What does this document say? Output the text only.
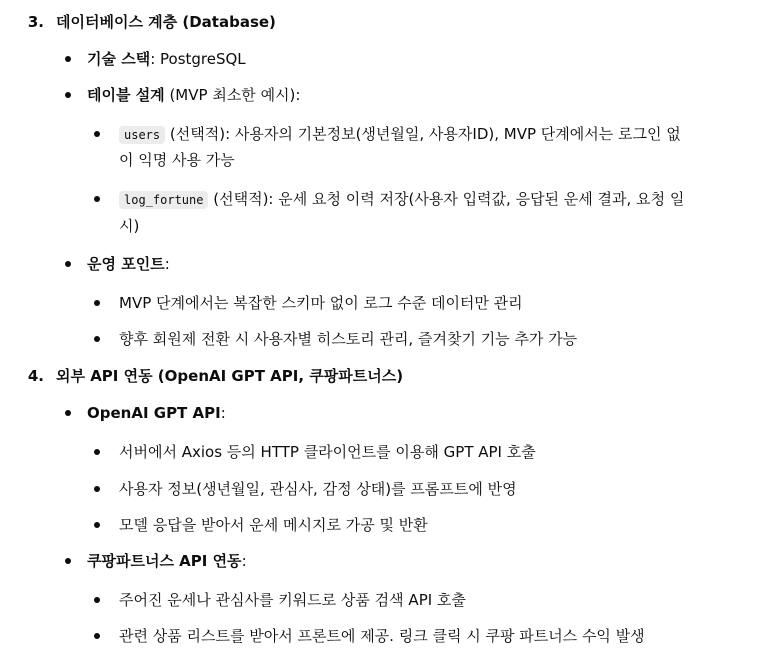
3. 데이터베이스 계층 (Database)
기술 스택: PostgreSQL
테이블 설계 (MVP 최소한 예시):
users (선택적): 사용자의 기본정보(생년월일, 사용자ID), MVP 단계에서는 로그인 없
이 익명 사용 가능
log_fortune (선택적): 운세 요청 이력 저장(사용자 입력값, 응답된 운세 결과, 요청 일
시)
운영 포인트:
MVP 단계에서는 복잡한 스키마 없이 로그 수준 데이터만 관리
향후 회원제 전환 시 사용자별 히스토리 관리, 즐겨찾기 기능 추가 가능
4. 외부 API 연동 (OpenAI GPT API, 쿠팡파트너스)
OpenAI GPT API:
서버에서 Axios 등의 HTTP 클라이언트를 이용해 GPT API 호출
사용자 정보(생년월일, 관심사, 감정 상태)를 프롬프트에 반영
모델 응답을 받아서 운세 메시지로 가공 및 반환
쿠팡파트너스 API 연동:
주어진 운세나 관심사를 키워드로 상품 검색 API 호출
관련 상품 리스트를 받아서 프론트에 제공. 링크 클릭 시 쿠팡 파트너스 수익 발생
